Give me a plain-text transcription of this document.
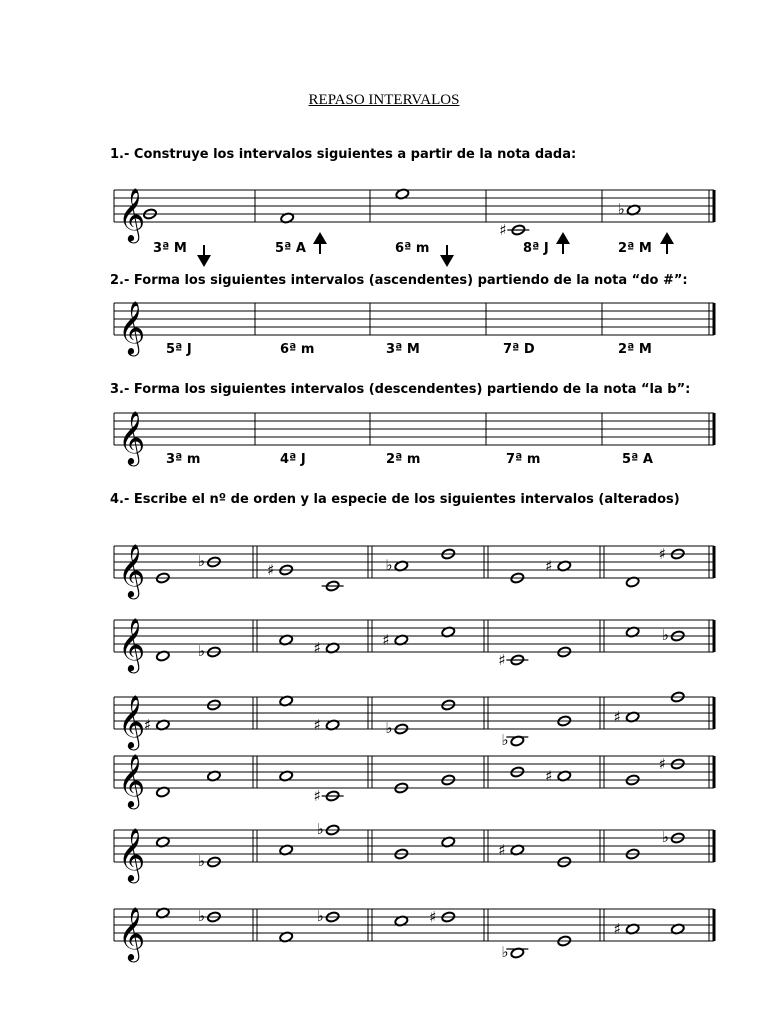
REPASO INTERVALOS
1.- Construye los intervalos siguientes a partir de la nota dada:
2.- Forma los siguientes intervalos (ascendentes) partiendo de la nota “do #”:
3.- Forma los siguientes intervalos (descendentes) partiendo de la nota “la b”:
4.- Escribe el nº de orden y la especie de los siguientes intervalos (alterados)
3ª M	5ª A	6ª m	8ª J	2ª M
5ª J	6ª m	3ª M	7ª D	2ª M
3ª m	4ª J	2ª m	7ª m	5ª A
𝄞	♯
♭
𝄞
𝄞
𝄞	♭	♯	♭	♯
♯
𝄞	♭	♯	♯
♯
♭
𝄞
♯	♯	♭
♭
♯
𝄞	♯
♯
♯
𝄞	♭
♭
♯
♭
𝄞	♭	♭	♯
♭
♯
